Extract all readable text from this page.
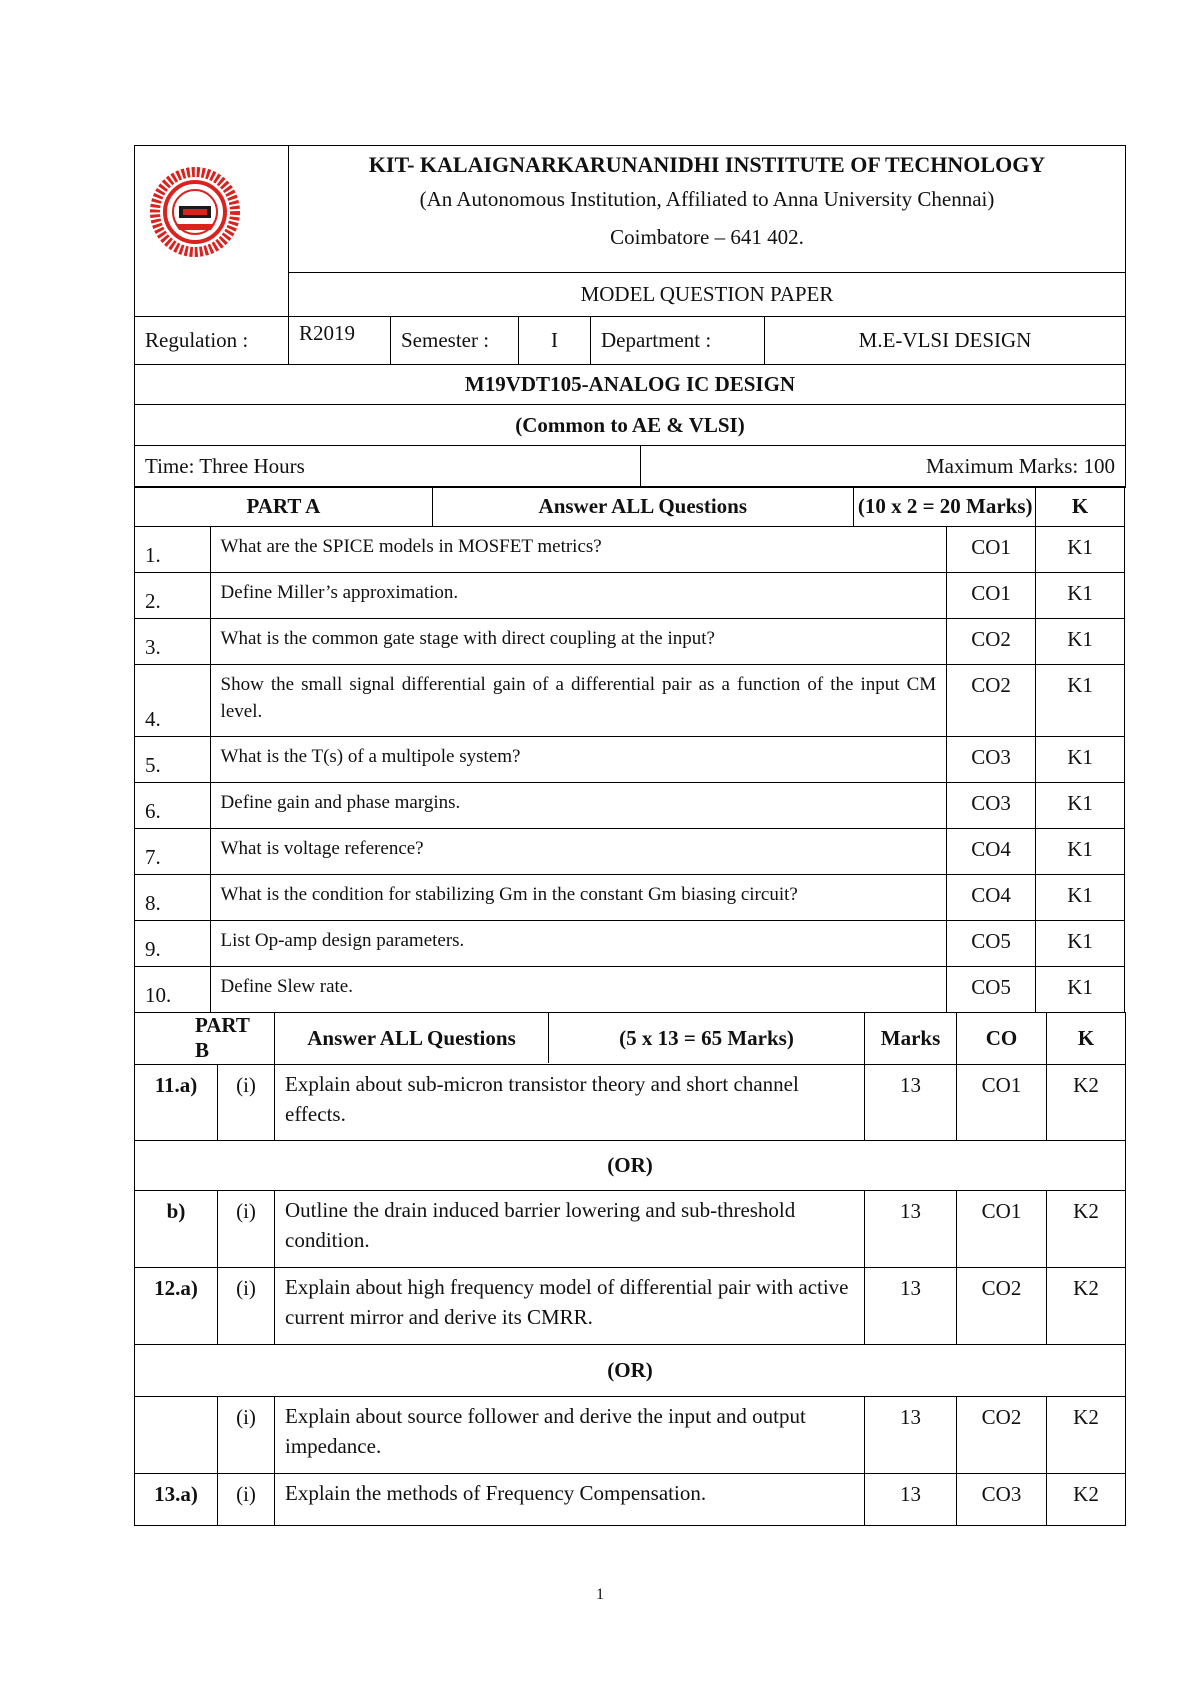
KIT- KALAIGNARKARUNANIDHI INSTITUTE OF TECHNOLOGY
(An Autonomous Institution, Affiliated to Anna University Chennai)
Coimbatore – 641 402.				

	MODEL QUESTION PAPER				
Regulation :	R2019	Semester :	I	Department :	M.E-VLSI DESIGN
M19VDT105-ANALOG IC DESIGN					
(Common to AE & VLSI)					
Time: Three Hours	Maximum Marks: 100
PART A		Answer ALL Questions	(10 x 2 = 20 Marks)		K
1.	What are the SPICE models in MOSFET metrics?			CO1	K1
2.	Define Miller’s approximation.			CO1	K1
3.	What is the common gate stage with direct coupling at the input?			CO2	K1
4.	Show the small signal differential gain of a differential pair as a function of the input CM level.			CO2	K1
5.	What is the T(s) of a multipole system?			CO3	K1
6.	Define gain and phase margins.			CO3	K1
7.	What is voltage reference?			CO4	K1
8.	What is the condition for stabilizing Gm in the constant Gm biasing circuit?			CO4	K1
9.	List Op-amp design parameters.			CO5	K1
10.	Define Slew rate.			CO5	K1
PART B		Answer ALL Questions (5 x 13 = 65 Marks)	Marks	CO	K
11.a)	(i)	Explain about sub-micron transistor theory and short channel effects.	13	CO1	K2
(OR)					
b)	(i)	Outline the drain induced barrier lowering and sub-threshold condition.	13	CO1	K2
12.a)	(i)	Explain about high frequency model of differential pair with active current mirror and derive its CMRR.	13	CO2	K2
(OR)					
	(i)	Explain about source follower and derive the input and output impedance.	13	CO2	K2
13.a)	(i)	Explain the methods of Frequency Compensation.	13	CO3	K2
1
